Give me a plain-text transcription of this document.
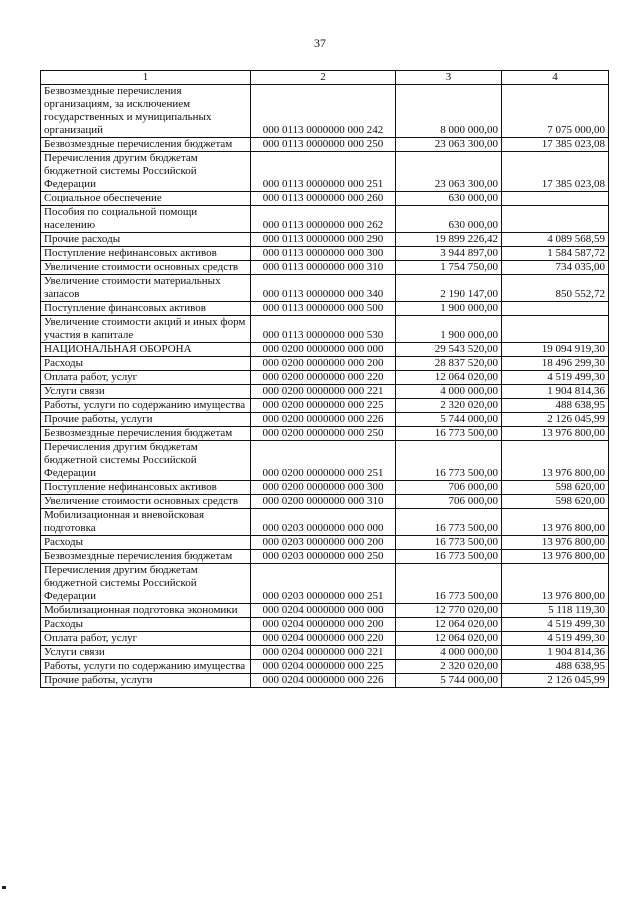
37
1	2	3	4
Безвозмездные перечисления организациям, за исключением государственных и муниципальных организаций	000 0113 0000000 000 242	8 000 000,00	7 075 000,00
Безвозмездные перечисления бюджетам	000 0113 0000000 000 250	23 063 300,00	17 385 023,08
Перечисления другим бюджетам бюджетной системы Российской Федерации	000 0113 0000000 000 251	23 063 300,00	17 385 023,08
Социальное обеспечение	000 0113 0000000 000 260	630 000,00	
Пособия по социальной помощи населению	000 0113 0000000 000 262	630 000,00	
Прочие расходы	000 0113 0000000 000 290	19 899 226,42	4 089 568,59
Поступление нефинансовых активов	000 0113 0000000 000 300	3 944 897,00	1 584 587,72
Увеличение стоимости основных средств	000 0113 0000000 000 310	1 754 750,00	734 035,00
Увеличение стоимости материальных запасов	000 0113 0000000 000 340	2 190 147,00	850 552,72
Поступление финансовых активов	000 0113 0000000 000 500	1 900 000,00	
Увеличение стоимости акций и иных форм участия в капитале	000 0113 0000000 000 530	1 900 000,00	
НАЦИОНАЛЬНАЯ ОБОРОНА	000 0200 0000000 000 000	29 543 520,00	19 094 919,30
Расходы	000 0200 0000000 000 200	28 837 520,00	18 496 299,30
Оплата работ, услуг	000 0200 0000000 000 220	12 064 020,00	4 519 499,30
Услуги связи	000 0200 0000000 000 221	4 000 000,00	1 904 814,36
Работы, услуги по содержанию имущества	000 0200 0000000 000 225	2 320 020,00	488 638,95
Прочие работы, услуги	000 0200 0000000 000 226	5 744 000,00	2 126 045,99
Безвозмездные перечисления бюджетам	000 0200 0000000 000 250	16 773 500,00	13 976 800,00
Перечисления другим бюджетам бюджетной системы Российской Федерации	000 0200 0000000 000 251	16 773 500,00	13 976 800,00
Поступление нефинансовых активов	000 0200 0000000 000 300	706 000,00	598 620,00
Увеличение стоимости основных средств	000 0200 0000000 000 310	706 000,00	598 620,00
Мобилизационная и вневойсковая подготовка	000 0203 0000000 000 000	16 773 500,00	13 976 800,00
Расходы	000 0203 0000000 000 200	16 773 500,00	13 976 800,00
Безвозмездные перечисления бюджетам	000 0203 0000000 000 250	16 773 500,00	13 976 800,00
Перечисления другим бюджетам бюджетной системы Российской Федерации	000 0203 0000000 000 251	16 773 500,00	13 976 800,00
Мобилизационная подготовка экономики	000 0204 0000000 000 000	12 770 020,00	5 118 119,30
Расходы	000 0204 0000000 000 200	12 064 020,00	4 519 499,30
Оплата работ, услуг	000 0204 0000000 000 220	12 064 020,00	4 519 499,30
Услуги связи	000 0204 0000000 000 221	4 000 000,00	1 904 814,36
Работы, услуги по содержанию имущества	000 0204 0000000 000 225	2 320 020,00	488 638,95
Прочие работы, услуги	000 0204 0000000 000 226	5 744 000,00	2 126 045,99
